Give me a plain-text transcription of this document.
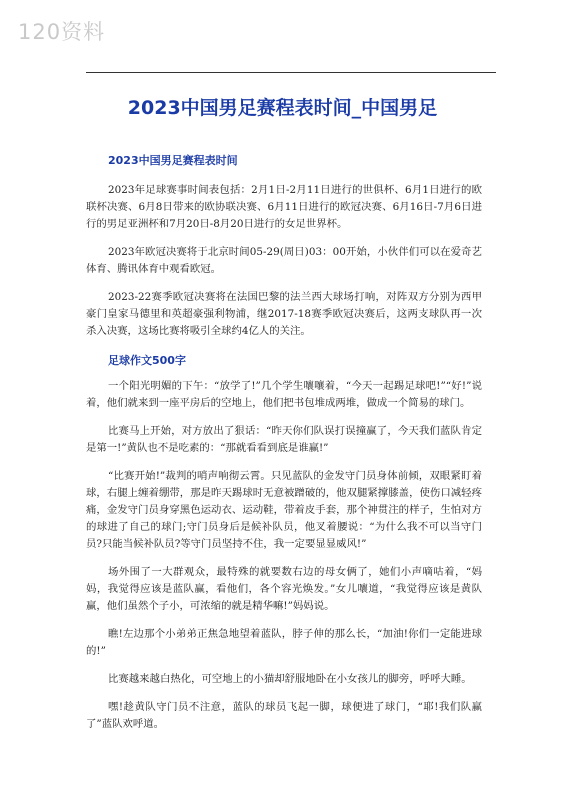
120资料
2023中国男足赛程表时间_中国男足
2023中国男足赛程表时间

2023年足球赛事时间表包括：2月1日-2月11日进行的世俱杯、6月1日进行的欧联杯决赛、6月8日带来的欧协联决赛、6月11日进行的欧冠决赛、6月16日-7月6日进行的男足亚洲杯和7月20日-8月20日进行的女足世界杯。

2023年欧冠决赛将于北京时间05-29(周日)03：00开始，小伙伴们可以在爱奇艺体育、腾讯体育中观看欧冠。

2023-22赛季欧冠决赛将在法国巴黎的法兰西大球场打响，对阵双方分别为西甲豪门皇家马德里和英超豪强利物浦，继2017-18赛季欧冠决赛后，这两支球队再一次杀入决赛，这场比赛将吸引全球约4亿人的关注。

足球作文500字

一个阳光明媚的下午：“放学了!”几个学生嚷嚷着，“今天一起踢足球吧!”“好!”说着，他们就来到一座平房后的空地上，他们把书包堆成两堆，做成一个简易的球门。

比赛马上开始，对方放出了狠话：“昨天你们队误打误撞赢了，今天我们蓝队肯定是第一!”黄队也不是吃素的：“那就看看到底是谁赢!”

“比赛开始!”裁判的哨声响彻云霄。只见蓝队的金发守门员身体前倾，双眼紧盯着球，右腿上缠着绷带，那是昨天踢球时无意被蹭破的，他双腿紧撑膝盖，使伤口减轻疼痛，金发守门员身穿黑色运动衣、运动鞋，带着皮手套，那个神贯注的样子，生怕对方的球进了自己的球门;守门员身后是候补队员，他叉着腰说：“为什么我不可以当守门员?只能当候补队员?等守门员坚持不住，我一定要显显威风!”

场外围了一大群观众，最特殊的就要数右边的母女俩了，她们小声嘀咕着，“妈妈，我觉得应该是蓝队赢，看他们，各个容光焕发。”女儿嚷道，“我觉得应该是黄队赢，他们虽然个子小，可浓缩的就是精华嘛!”妈妈说。

瞧!左边那个小弟弟正焦急地望着蓝队，脖子伸的那么长，“加油!你们一定能进球的!”

比赛越来越白热化，可空地上的小猫却舒服地卧在小女孩儿的脚旁，呼呼大睡。

嘿!趁黄队守门员不注意，蓝队的球员飞起一脚，球便进了球门，“耶!我们队赢了”蓝队欢呼道。
